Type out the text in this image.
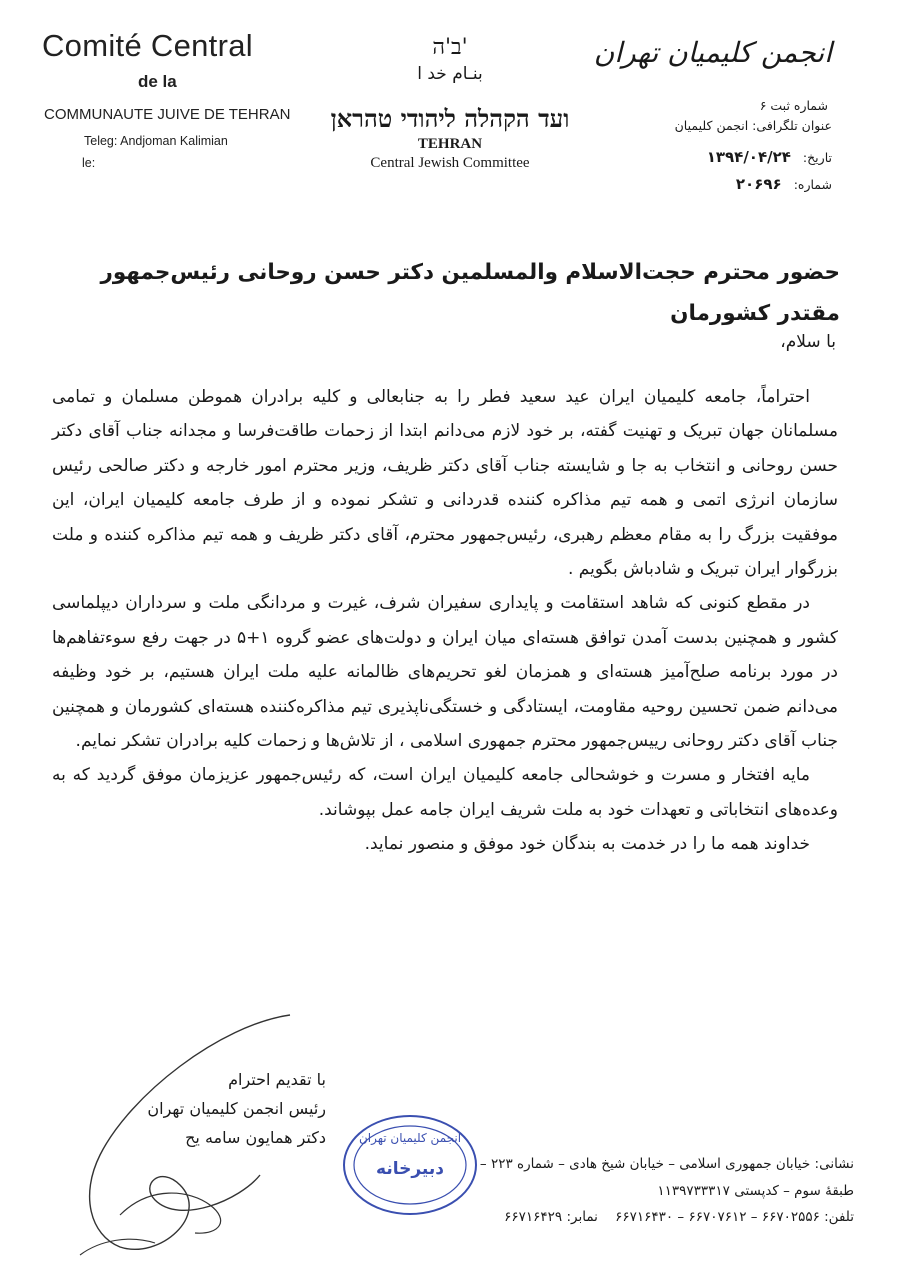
Comité Central
de la
COMMUNAUTE JUIVE DE TEHRAN
Teleg: Andjoman Kalimian
le:
ב'ה'
بنـام خد ا
ועד הקהלה ליהודי טהראן
TEHRAN
Central Jewish Committee
انجمن کلیمیان تهران
شماره ثبت ۶
عنوان تلگرافی: انجمن کلیمیان
تاریخ:۱۳۹۴/۰۴/۲۴
شماره:۲۰۶۹۶
حضور محترم حجت‌الاسلام والمسلمین دکتر حسن روحانی رئیس‌جمهور مقتدر کشورمان
با سلام،

احتراماً، جامعه کلیمیان ایران عید سعید فطر را به جنابعالی و کلیه برادران هموطن مسلمان و تمامی مسلمانان جهان تبریک و تهنیت گفته، بر خود لازم می‌دانم ابتدا از زحمات طاقت‌فرسا و مجدانه جناب آقای دکتر حسن روحانی و انتخاب به جا و شایسته جناب آقای دکتر ظریف، وزیر محترم امور خارجه و دکتر صالحی رئیس سازمان انرژی اتمی و همه تیم مذاکره کننده قدردانی و تشکر نموده و از طرف جامعه کلیمیان ایران، این موفقیت بزرگ را به مقام معظم رهبری، رئیس‌جمهور محترم، آقای دکتر ظریف و همه تیم مذاکره کننده و ملت بزرگوار ایران تبریک و شادباش بگویم .

در مقطع کنونی که شاهد استقامت و پایداری سفیران شرف، غیرت و مردانگی ملت و سرداران دیپلماسی کشور و همچنین بدست آمدن توافق هسته‌ای میان ایران و دولت‌های عضو گروه ۱+۵ در جهت رفع سوءتفاهم‌ها در مورد برنامه صلح‌آمیز هسته‌ای و همزمان لغو تحریم‌های ظالمانه علیه ملت ایران هستیم، بر خود وظیفه می‌دانم ضمن تحسین روحیه مقاومت، ایستادگی و خستگی‌ناپذیری تیم مذاکره‌کننده هسته‌ای کشورمان و همچنین جناب آقای دکتر روحانی رییس‌جمهور محترم جمهوری اسلامی ، از تلاش‌ها و زحمات کلیه برادران تشکر نمایم.

مایه افتخار و مسرت و خوشحالی جامعه کلیمیان ایران است، که رئیس‌جمهور عزیزمان موفق گردید که به وعده‌های انتخاباتی و تعهدات خود به ملت شریف ایران جامه عمل بپوشاند.

خداوند همه ما را در خدمت به بندگان خود موفق و منصور نماید.

با تقدیم احترام
رئیس انجمن کلیمیان تهران
دکتر همایون سامه یح	انجمن کلیمیان تهران
دبیرخانه	نشانی: خیابان جمهوری اسلامی – خیابان شیخ هادی – شماره ۲۲۳ –
طبقهٔ سوم – کدپستی ۱۱۳۹۷۳۳۳۱۷
تلفن: ۶۶۷۰۲۵۵۶ – ۶۶۷۰۷۶۱۲ – ۶۶۷۱۶۴۳۰    نمابر: ۶۶۷۱۶۴۲۹
